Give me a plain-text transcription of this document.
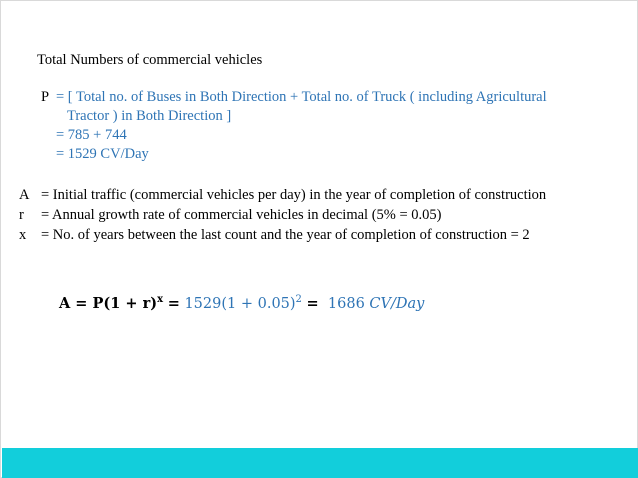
Total Numbers of commercial vehicles
P = [ Total no. of Buses in Both Direction + Total no. of Truck ( including Agricultural
Tractor ) in Both Direction ]
= 785 + 744
= 1529 CV/Day
A = Initial traffic (commercial vehicles per day) in the year of completion of construction
r = Annual growth rate of commercial vehicles in decimal (5% = 0.05)
x = No. of years between the last count and the year of completion of construction = 2
$A = P(1 + r)^x = 1529(1 + 0.05)^2 = 1686$ CV/Day
